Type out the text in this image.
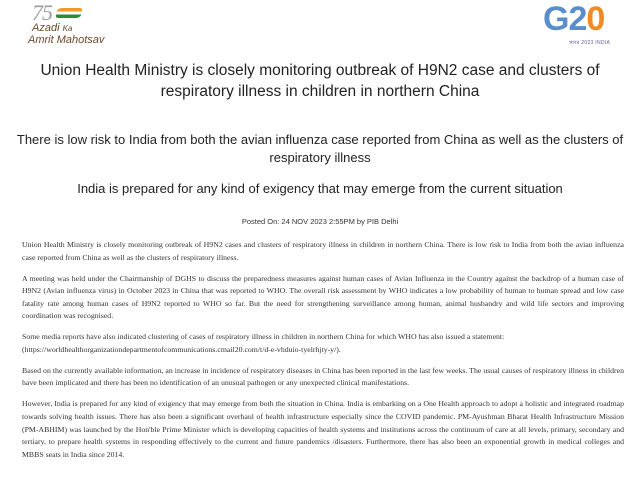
75
Azadi Ka
Amrit Mahotsav
G20
भारत 2023 INDIA
Union Health Ministry is closely monitoring outbreak of H9N2 case and clusters of respiratory illness in children in northern China
There is low risk to India from both the avian influenza case reported from China as well as the clusters of respiratory illness
India is prepared for any kind of exigency that may emerge from the current situation
Posted On: 24 NOV 2023 2:55PM by PIB Delhi

Union Health Ministry is closely monitoring outbreak of H9N2 cases and clusters of respiratory illness in children in northern China. There is low risk to India from both the avian influenza case reported from China as well as the clusters of respiratory illness.

A meeting was held under the Chairmanship of DGHS to discuss the preparedness measures against human cases of Avian Influenza in the Country against the backdrop of a human case of H9N2 (Avian influenza virus) in October 2023 in China that was reported to WHO. The overall risk assessment by WHO indicates a low probability of human to human spread and low case fatality rate among human cases of H9N2 reported to WHO so far. But the need for strengthening surveillance among human, animal husbandry and wild life sectors and improving coordination was recognised.

Some media reports have also indicated clustering of cases of respiratory illness in children in northern China for which WHO has also issued a statement:
(https://worldhealthorganizationdepartmentofcommunications.cmail20.com/t/d-e-vhduio-tyelrhjty-y/).

Based on the currently available information, an increase in incidence of respiratory diseases in China has been reported in the last few weeks. The usual causes of respiratory illness in children have been implicated and there has been no identification of an unusual pathogen or any unexpected clinical manifestations.

However, India is prepared for any kind of exigency that may emerge from both the situation in China. India is embarking on a One Health approach to adopt a holistic and integrated roadmap towards solving health issues. There has also been a significant overhaul of health infrastructure especially since the COVID pandemic. PM-Ayushman Bharat Health Infrastructure Mission (PM-ABHIM) was launched by the Hon'ble Prime Minister which is developing capacities of health systems and institutions across the continuum of care at all levels, primary, secondary and tertiary, to prepare health systems in responding effectively to the current and future pandemics /disasters. Furthermore, there has also been an exponential growth in medical colleges and MBBS seats in India since 2014.
